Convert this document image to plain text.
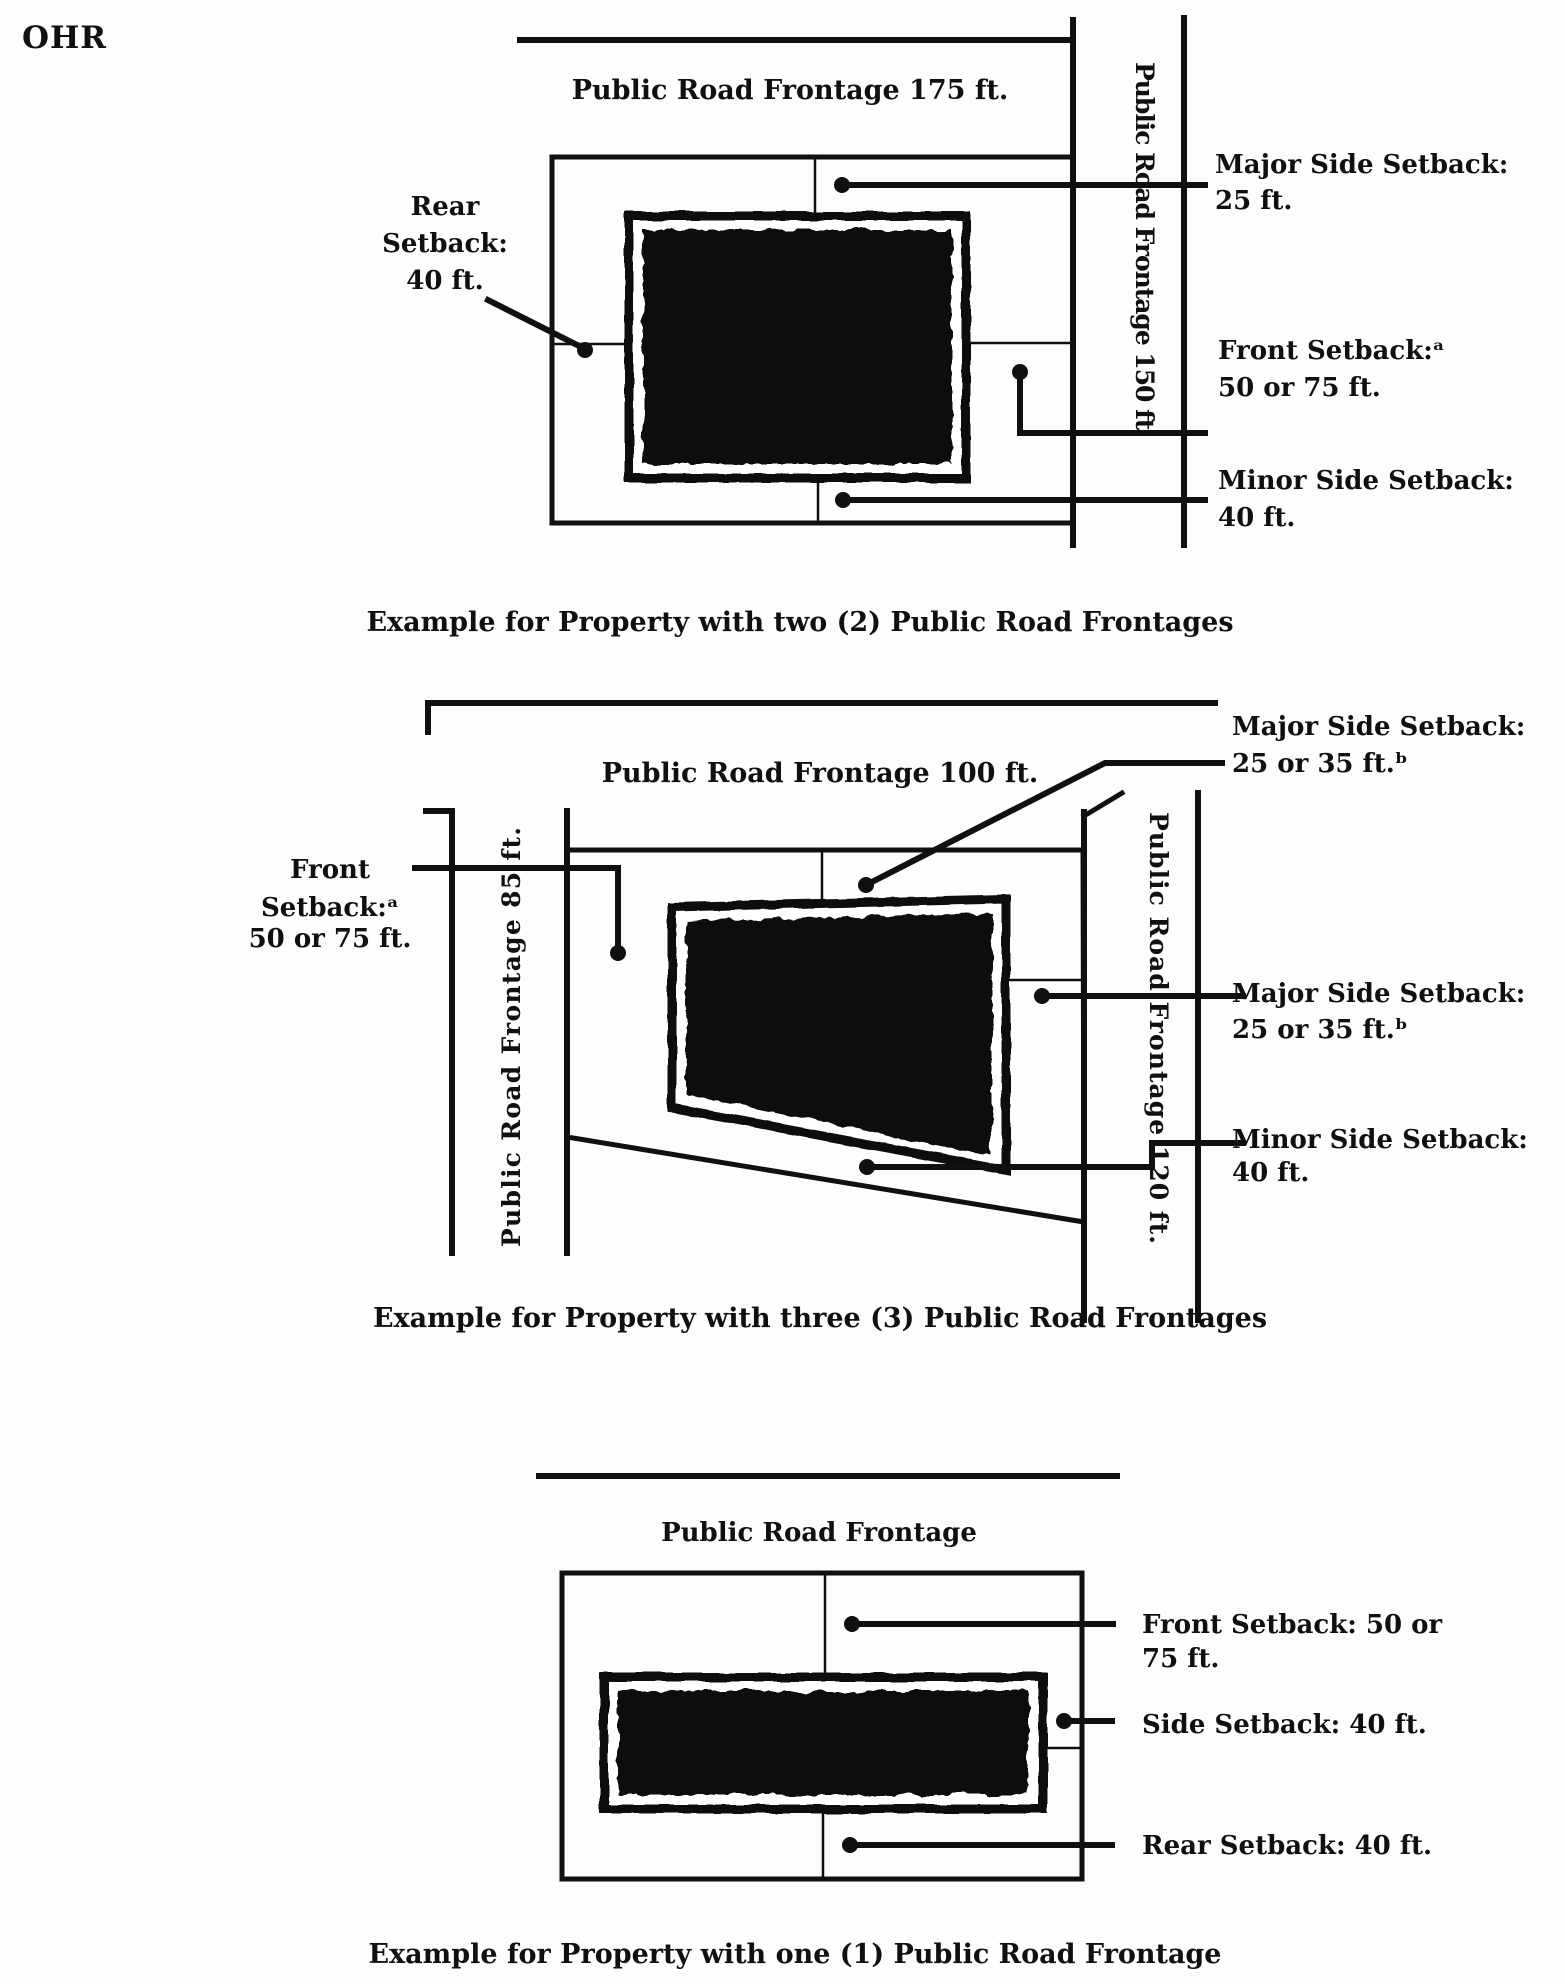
OHR
Public Road Frontage 175 ft.
Public Road Frontage 150 ft.
Rear
Setback:
40 ft.
Major Side Setback:
25 ft.
Front Setback:ᵃ
50 or 75 ft.
Minor Side Setback:
40 ft.
Example for Property with two (2) Public Road Frontages
Public Road Frontage 100 ft.
Public Road Frontage 85 ft.
Public Road Frontage 120 ft.
Front
Setback:ᵃ
50 or 75 ft.
Major Side Setback:
25 or 35 ft.ᵇ
Major Side Setback:
25 or 35 ft.ᵇ
Minor Side Setback:
40 ft.
Example for Property with three (3) Public Road Frontages
Public Road Frontage
Front Setback: 50 or
75 ft.
Side Setback: 40 ft.
Rear Setback: 40 ft.
Example for Property with one (1) Public Road Frontage
